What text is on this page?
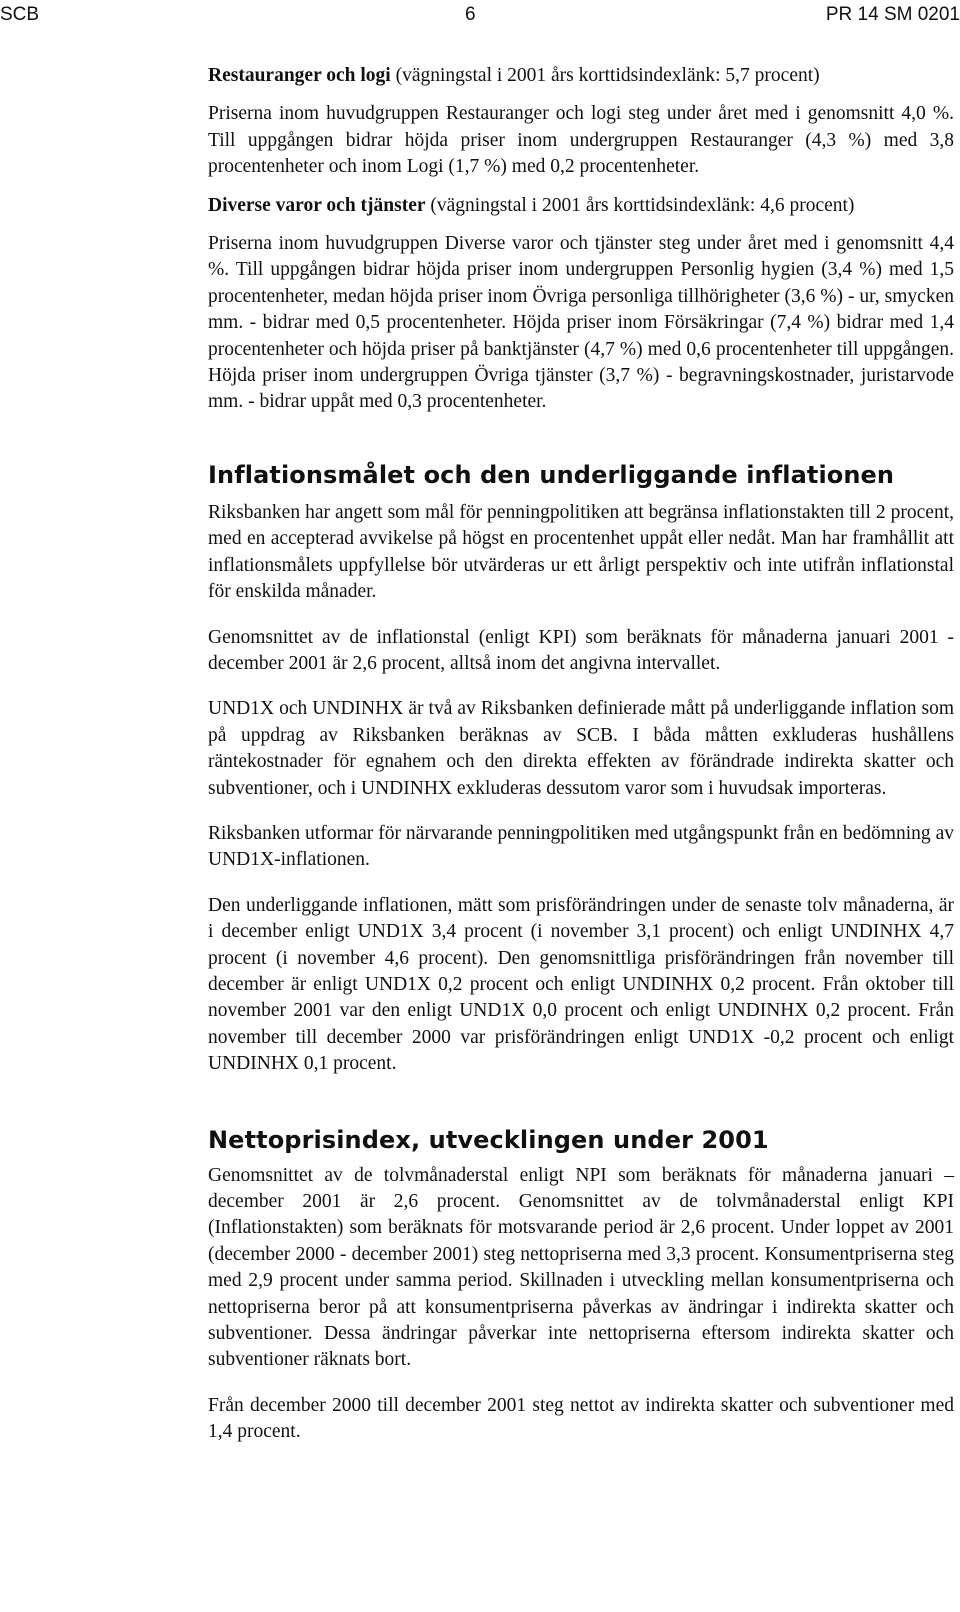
SCB	6	PR 14 SM 0201

Restauranger och logi (vägningstal i 2001 års korttidsindexlänk: 5,7 procent)

Priserna inom huvudgruppen Restauranger och logi steg under året med i genomsnitt 4,0 %. Till uppgången bidrar höjda priser inom undergruppen Restauranger (4,3 %) med 3,8 procentenheter och inom Logi (1,7 %) med 0,2 procentenheter.

Diverse varor och tjänster (vägningstal i 2001 års korttidsindexlänk: 4,6 procent)

Priserna inom huvudgruppen Diverse varor och tjänster steg under året med i genomsnitt 4,4 %. Till uppgången bidrar höjda priser inom undergruppen Personlig hygien (3,4 %) med 1,5 procentenheter, medan höjda priser inom Övriga personliga tillhörigheter (3,6 %) - ur, smycken mm. - bidrar med 0,5 procentenheter. Höjda priser inom Försäkringar (7,4 %) bidrar med 1,4 procentenheter och höjda priser på banktjänster (4,7 %) med 0,6 procentenheter till uppgången. Höjda priser inom undergruppen Övriga tjänster (3,7 %) - begravningskostnader, juristarvode mm. - bidrar uppåt med 0,3 procentenheter.

Inflationsmålet och den underliggande inflationen

Riksbanken har angett som mål för penningpolitiken att begränsa inflationstakten till 2 procent, med en accepterad avvikelse på högst en procentenhet uppåt eller nedåt. Man har framhållit att inflationsmålets uppfyllelse bör utvärderas ur ett årligt perspektiv och inte utifrån inflationstal för enskilda månader.

Genomsnittet av de inflationstal (enligt KPI) som beräknats för månaderna januari 2001 - december 2001 är 2,6 procent, alltså inom det angivna intervallet.

UND1X och UNDINHX är två av Riksbanken definierade mått på underliggande inflation som på uppdrag av Riksbanken beräknas av SCB. I båda måtten exkluderas hushållens räntekostnader för egnahem och den direkta effekten av förändrade indirekta skatter och subventioner, och i UNDINHX exkluderas dessutom varor som i huvudsak importeras.

Riksbanken utformar för närvarande penningpolitiken med utgångspunkt från en bedömning av UND1X-inflationen.

Den underliggande inflationen, mätt som prisförändringen under de senaste tolv månaderna, är i december enligt UND1X 3,4 procent (i november 3,1 procent) och enligt UNDINHX 4,7 procent (i november 4,6 procent). Den genomsnittliga prisförändringen från november till december är enligt UND1X 0,2 procent och enligt UNDINHX 0,2 procent. Från oktober till november 2001 var den enligt UND1X 0,0 procent och enligt UNDINHX 0,2 procent. Från november till december 2000 var prisförändringen enligt UND1X -0,2 procent och enligt UNDINHX 0,1 procent.

Nettoprisindex, utvecklingen under 2001

Genomsnittet av de tolvmånaderstal enligt NPI som beräknats för månaderna januari – december 2001 är 2,6 procent. Genomsnittet av de tolvmånaderstal enligt KPI (Inflationstakten) som beräknats för motsvarande period är 2,6 procent. Under loppet av 2001 (december 2000 - december 2001) steg nettopriserna med 3,3 procent. Konsumentpriserna steg med 2,9 procent under samma period. Skillnaden i utveckling mellan konsumentpriserna och nettopriserna beror på att konsumentpriserna påverkas av ändringar i indirekta skatter och subventioner. Dessa ändringar påverkar inte nettopriserna eftersom indirekta skatter och subventioner räknats bort.

Från december 2000 till december 2001 steg nettot av indirekta skatter och subventioner med 1,4 procent.
